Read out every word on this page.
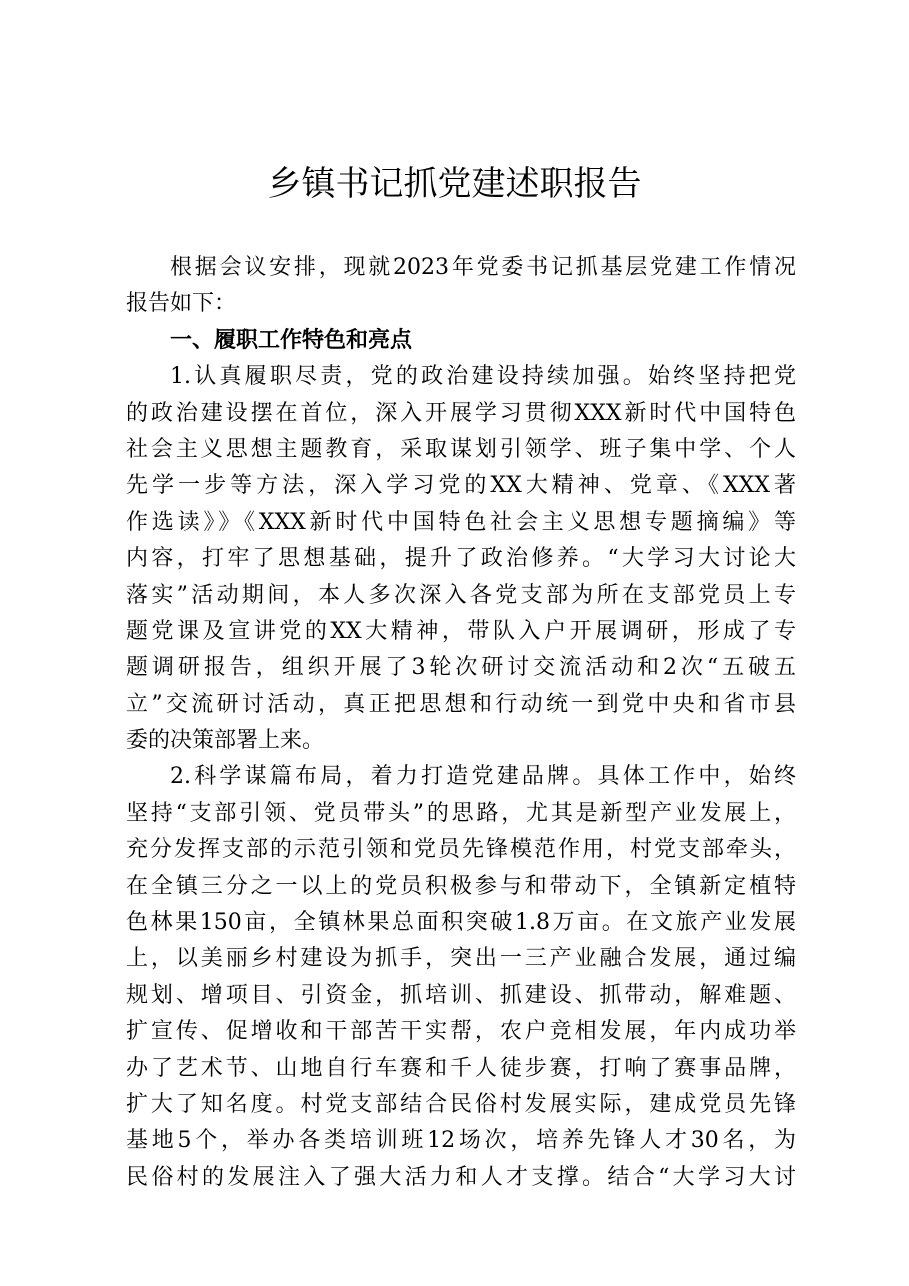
乡镇书记抓党建述职报告
根据会议安排，现就2023年党委书记抓基层党建工作情况
报告如下：
一、履职工作特色和亮点
1.认真履职尽责，党的政治建设持续加强。始终坚持把党
的政治建设摆在首位，深入开展学习贯彻XXX新时代中国特色
社会主义思想主题教育，采取谋划引领学、班子集中学、个人
先学一步等方法，深入学习党的XX大精神、党章、《XXX著
作选读》》《XXX新时代中国特色社会主义思想专题摘编》等
内容，打牢了思想基础，提升了政治修养。“大学习大讨论大
落实”活动期间，本人多次深入各党支部为所在支部党员上专
题党课及宣讲党的XX大精神，带队入户开展调研，形成了专
题调研报告，组织开展了3轮次研讨交流活动和2次“五破五
立”交流研讨活动，真正把思想和行动统一到党中央和省市县
委的决策部署上来。
2.科学谋篇布局，着力打造党建品牌。具体工作中，始终
坚持“支部引领、党员带头”的思路，尤其是新型产业发展上，
充分发挥支部的示范引领和党员先锋模范作用，村党支部牵头，
在全镇三分之一以上的党员积极参与和带动下，全镇新定植特
色林果150亩，全镇林果总面积突破1.8万亩。在文旅产业发展
上，以美丽乡村建设为抓手，突出一三产业融合发展，通过编
规划、增项目、引资金，抓培训、抓建设、抓带动，解难题、
扩宣传、促增收和干部苦干实帮，农户竞相发展，年内成功举
办了艺术节、山地自行车赛和千人徒步赛，打响了赛事品牌，
扩大了知名度。村党支部结合民俗村发展实际，建成党员先锋
基地5个，举办各类培训班12场次，培养先锋人才30名，为
民俗村的发展注入了强大活力和人才支撑。结合“大学习大讨
